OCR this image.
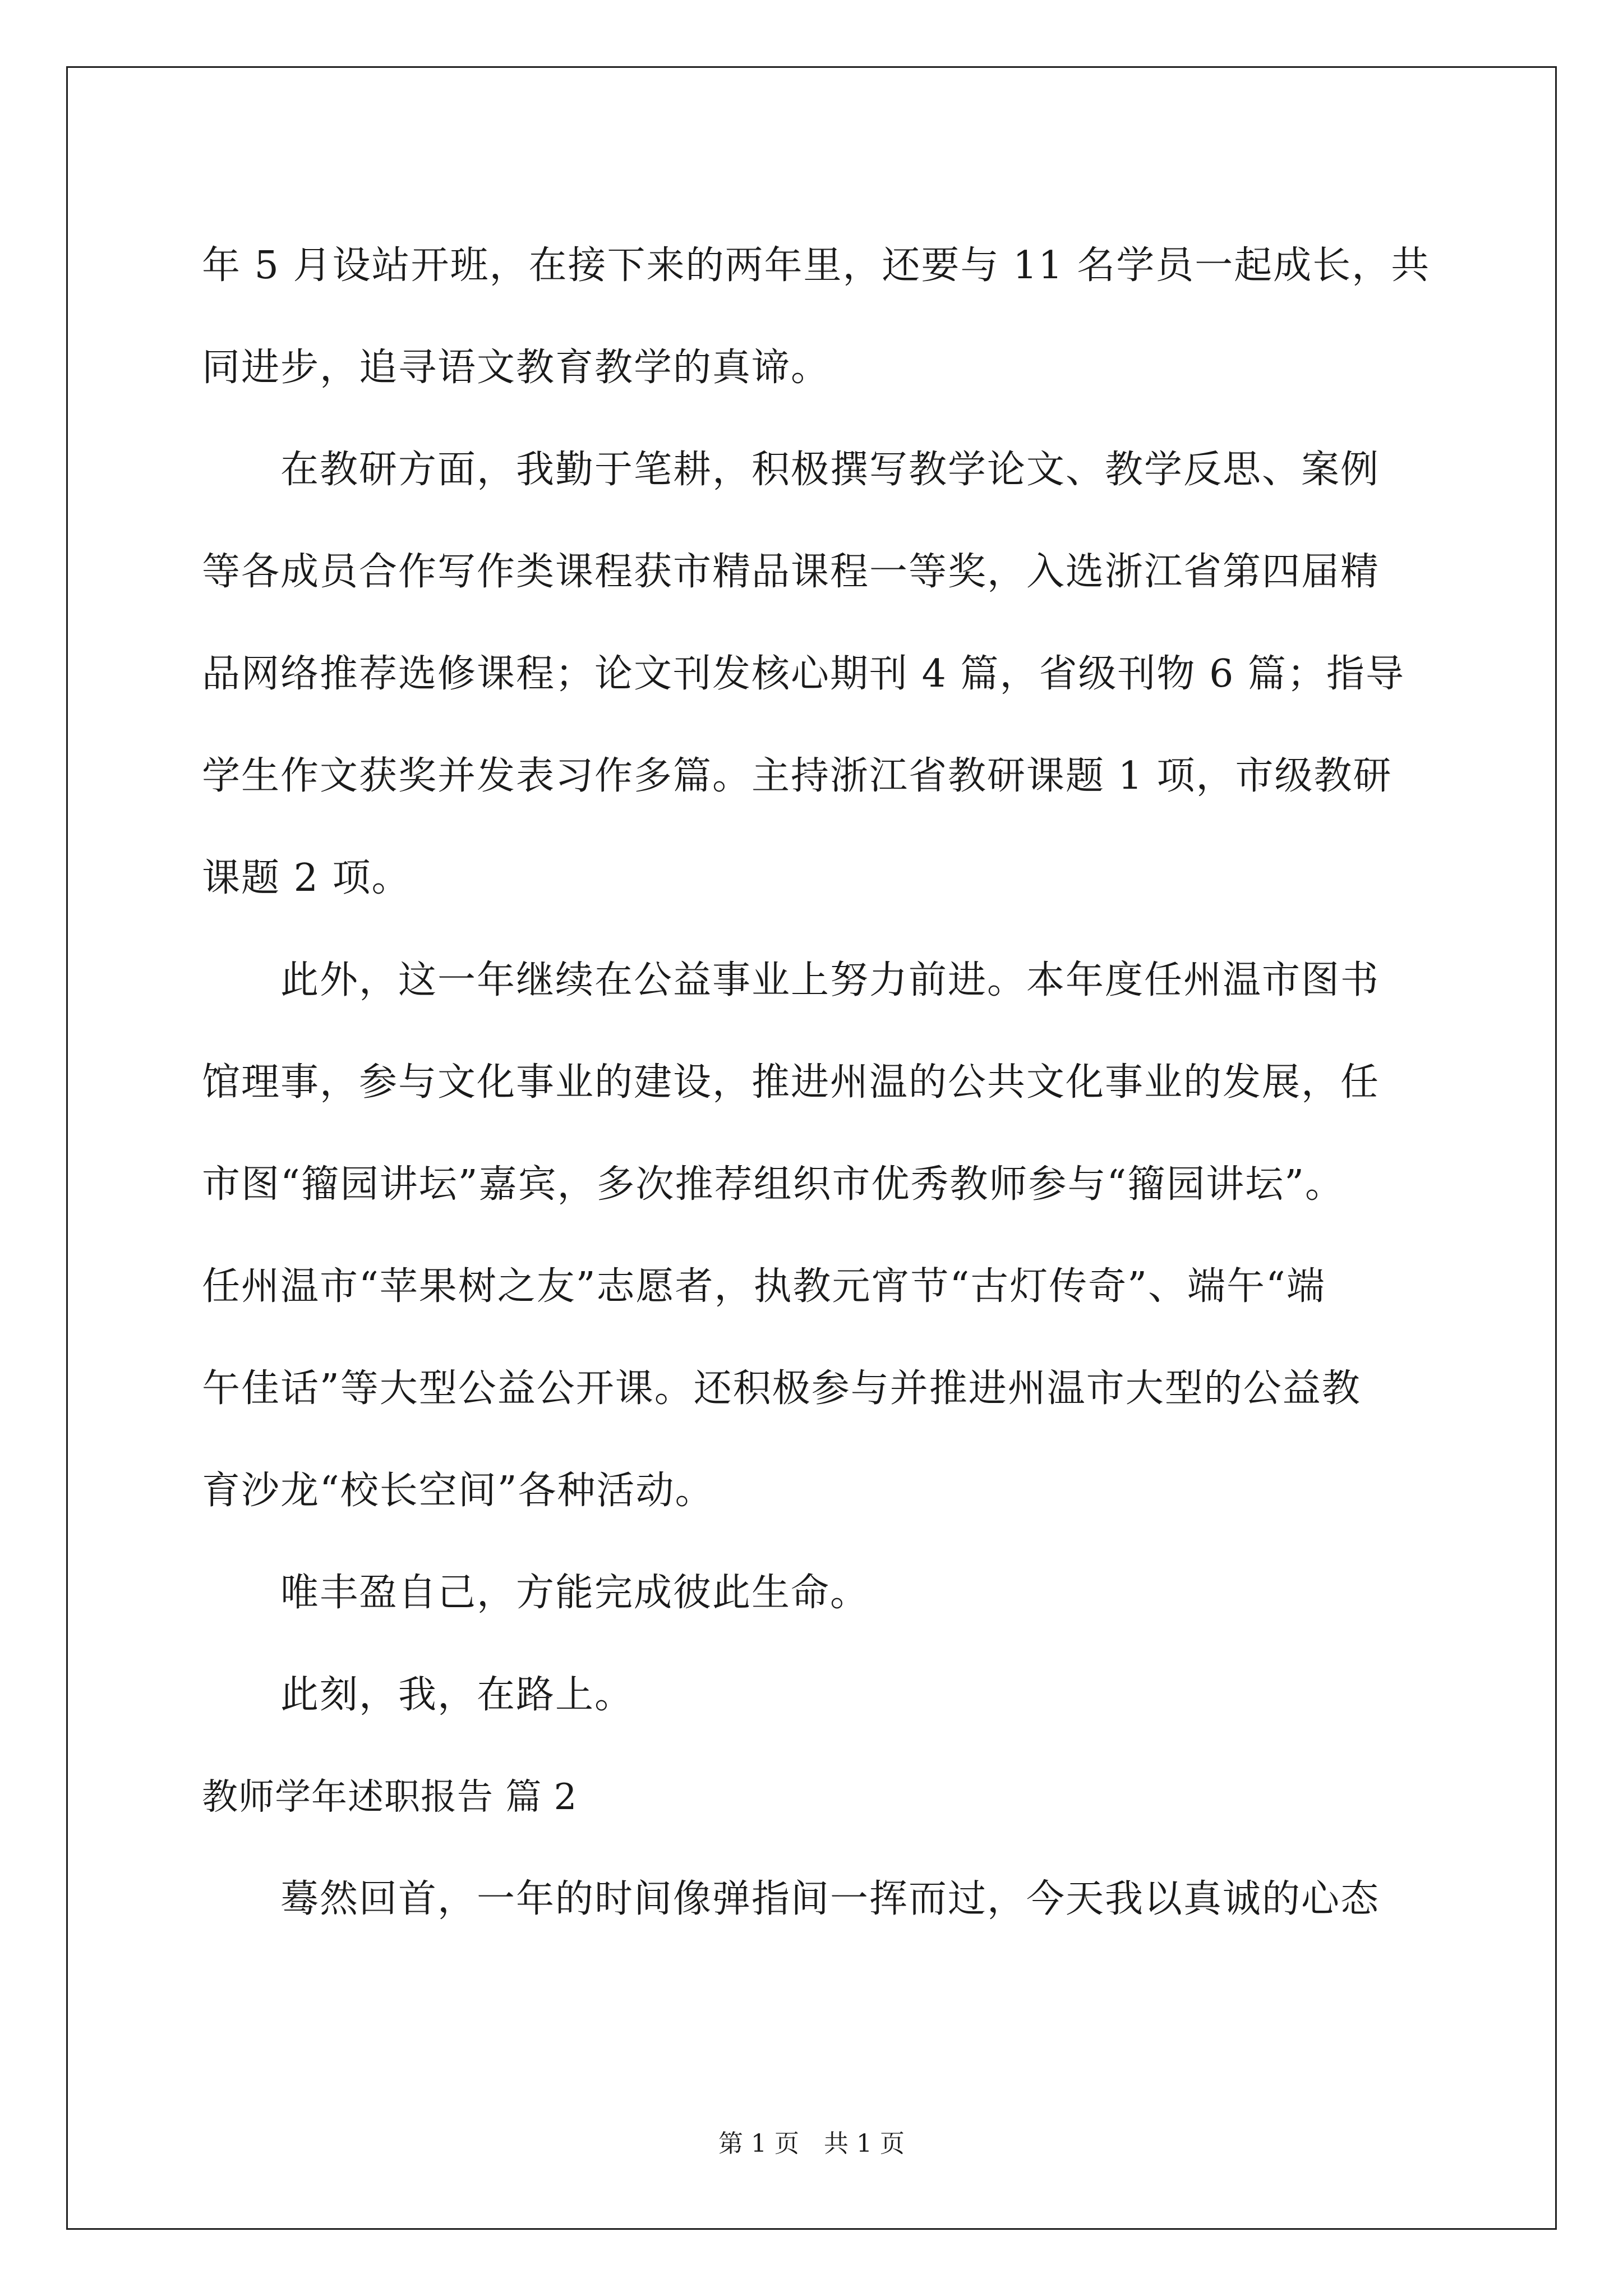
年 5 月设站开班，在接下来的两年里，还要与 11 名学员一起成长，共
同进步，追寻语文教育教学的真谛。
在教研方面，我勤于笔耕，积极撰写教学论文、教学反思、案例
等各成员合作写作类课程获市精品课程一等奖，入选浙江省第四届精
品网络推荐选修课程；论文刊发核心期刊 4 篇，省级刊物 6 篇；指导
学生作文获奖并发表习作多篇。主持浙江省教研课题 1 项，市级教研
课题 2 项。
此外，这一年继续在公益事业上努力前进。本年度任州温市图书
馆理事，参与文化事业的建设，推进州温的公共文化事业的发展，任
市图“籀园讲坛”嘉宾，多次推荐组织市优秀教师参与“籀园讲坛”。
任州温市“苹果树之友”志愿者，执教元宵节“古灯传奇”、端午“端
午佳话”等大型公益公开课。还积极参与并推进州温市大型的公益教
育沙龙“校长空间”各种活动。
唯丰盈自己，方能完成彼此生命。
此刻，我，在路上。
教师学年述职报告 篇 2
蓦然回首，一年的时间像弹指间一挥而过，今天我以真诚的心态
第 1 页 共 1 页
